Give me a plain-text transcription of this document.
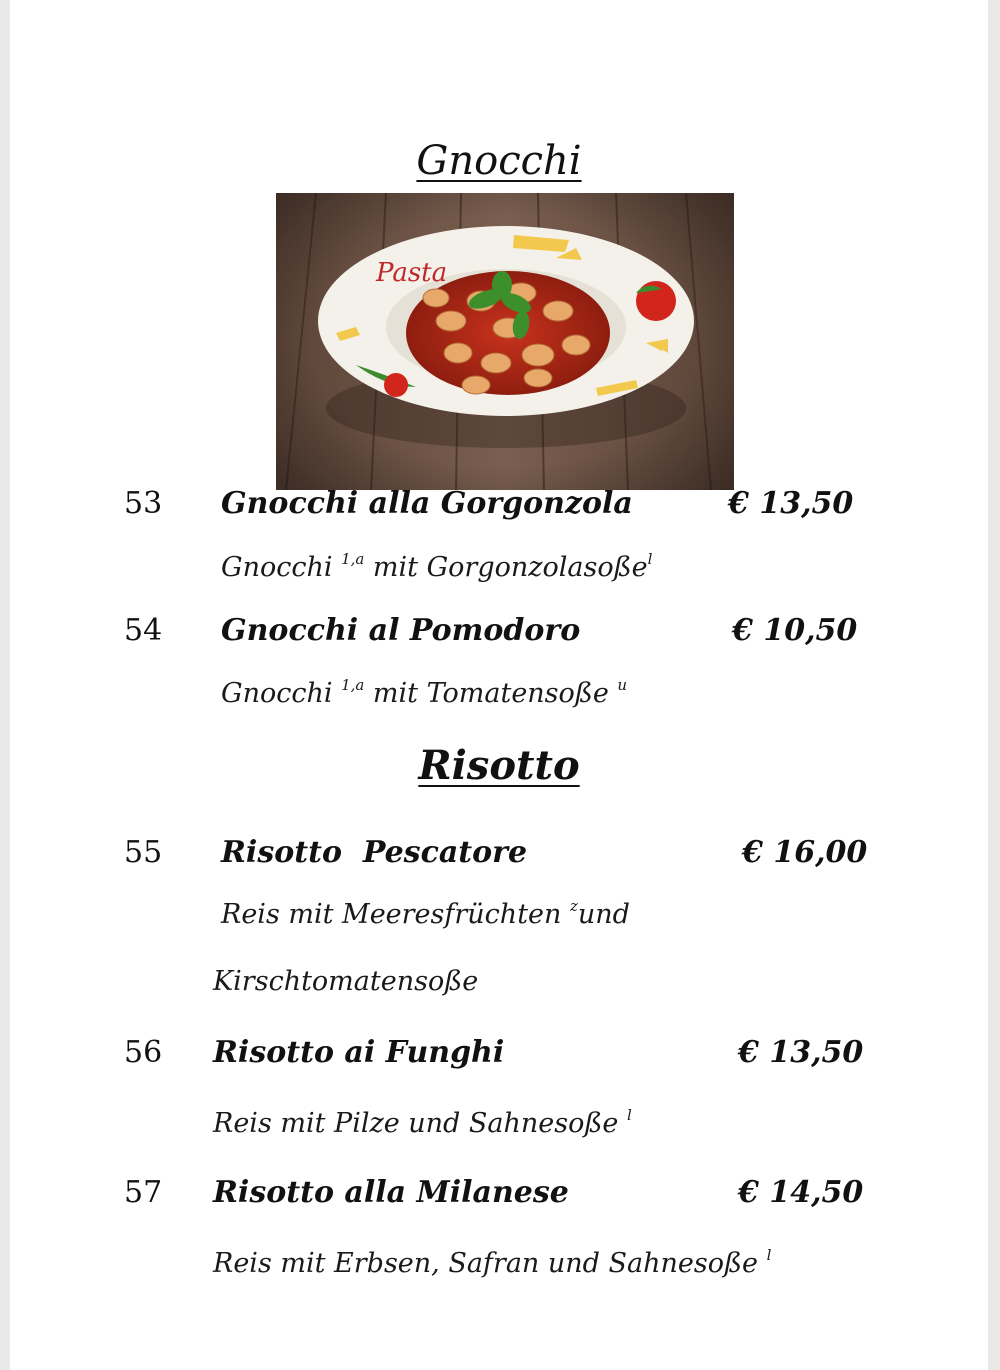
Gnocchi
Pasta
53 Gnocchi alla Gorgonzola	€ 13,50
Gnocchi $^{1,a}$ mit Gorgonzolasoße$^l$
54 Gnocchi al Pomodoro	€ 10,50
Gnocchi $^{1,a}$ mit Tomatensoße $^u$
Risotto
55 Risotto  Pescatore	€ 16,00
Reis mit Meeresfrüchten $^z$und
Kirschtomatensoße
56 Risotto ai Funghi	€ 13,50
Reis mit Pilze und Sahnesoße $^l$
57 Risotto alla Milanese	€ 14,50
Reis mit Erbsen, Safran und Sahnesoße $^l$
